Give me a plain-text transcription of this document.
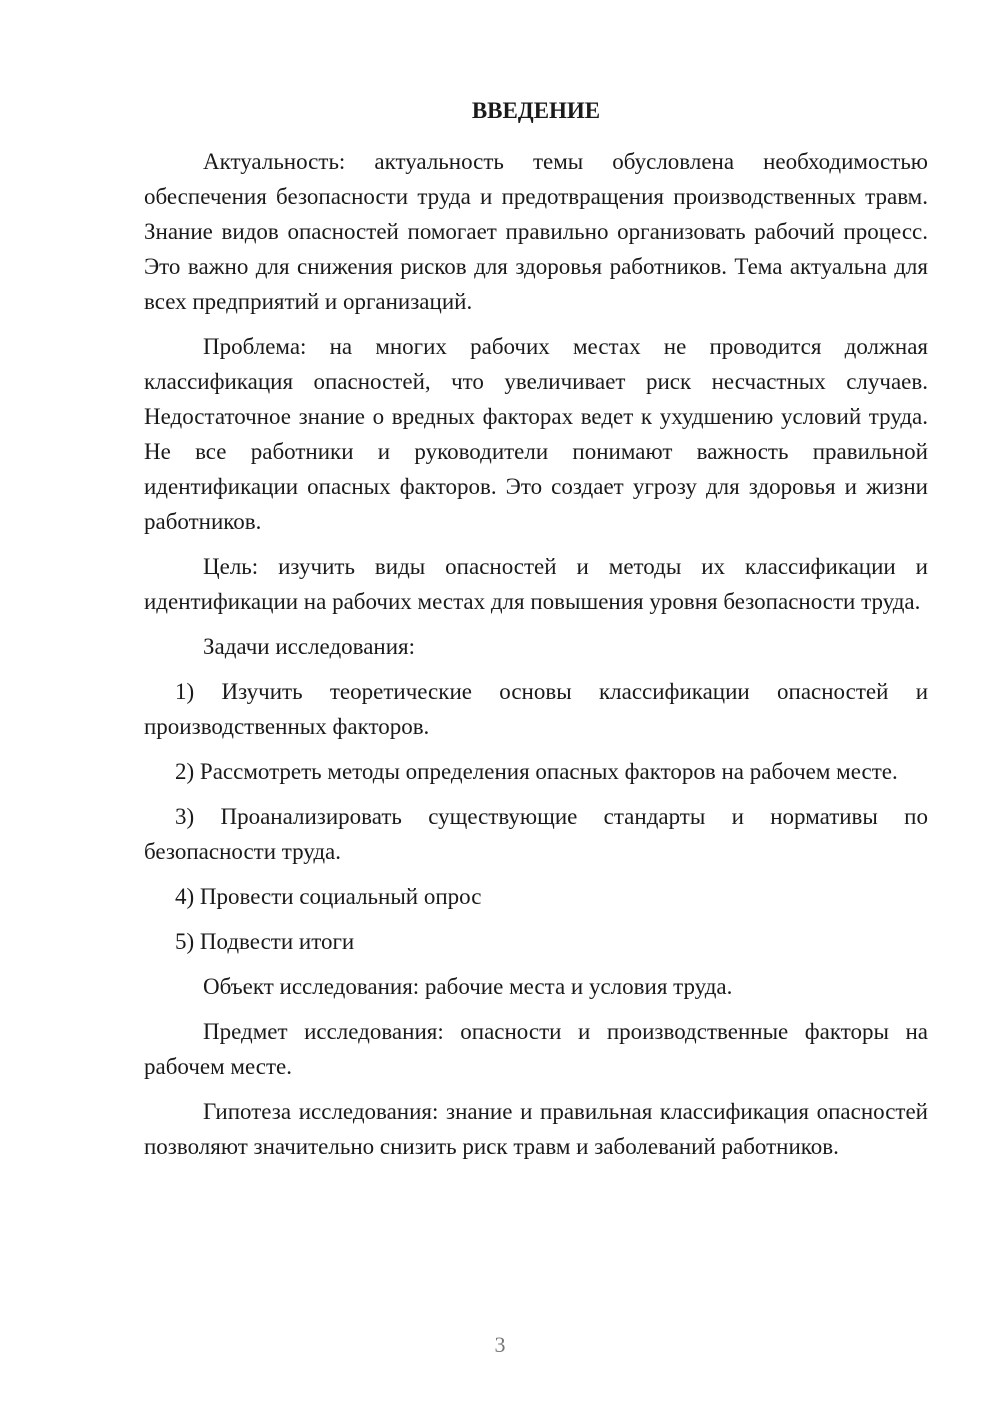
ВВЕДЕНИЕ

Актуальность: актуальность темы обусловлена необходимостью обеспечения безопасности труда и предотвращения производственных травм. Знание видов опасностей помогает правильно организовать рабочий процесс. Это важно для снижения рисков для здоровья работников. Тема актуальна для всех предприятий и организаций.

Проблема: на многих рабочих местах не проводится должная классификация опасностей, что увеличивает риск несчастных случаев. Недостаточное знание о вредных факторах ведет к ухудшению условий труда. Не все работники и руководители понимают важность правильной идентификации опасных факторов. Это создает угрозу для здоровья и жизни работников.

Цель: изучить виды опасностей и методы их классификации и идентификации на рабочих местах для повышения уровня безопасности труда.

Задачи исследования:

1) Изучить теоретические основы классификации опасностей и производственных факторов.

2) Рассмотреть методы определения опасных факторов на рабочем месте.

3) Проанализировать существующие стандарты и нормативы по безопасности труда.

4) Провести социальный опрос

5) Подвести итоги

Объект исследования: рабочие места и условия труда.

Предмет исследования: опасности и производственные факторы на рабочем месте.

Гипотеза исследования: знание и правильная классификация опасностей позволяют значительно снизить риск травм и заболеваний работников.

3
